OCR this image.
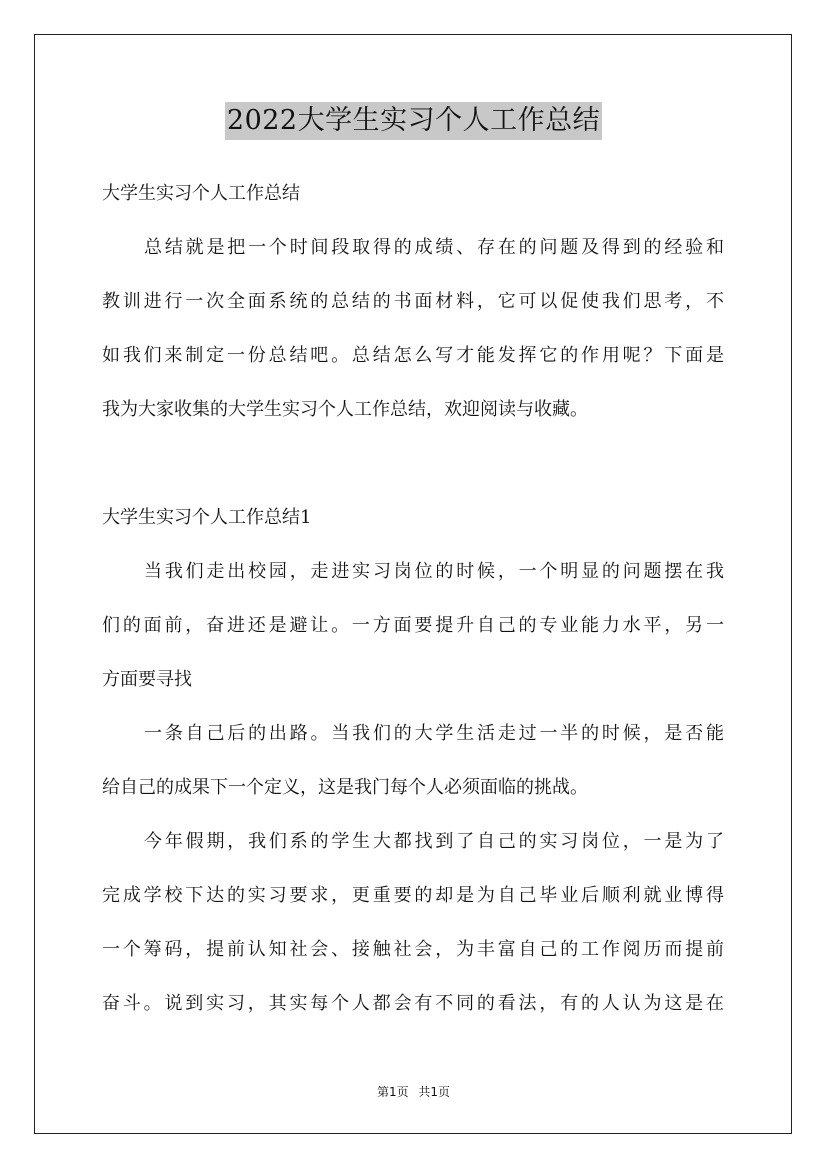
2022大学生实习个人工作总结
大学生实习个人工作总结
总结就是把一个时间段取得的成绩、存在的问题及得到的经验和
教训进行一次全面系统的总结的书面材料，它可以促使我们思考，不
如我们来制定一份总结吧。总结怎么写才能发挥它的作用呢？下面是
我为大家收集的大学生实习个人工作总结，欢迎阅读与收藏。
大学生实习个人工作总结1
当我们走出校园，走进实习岗位的时候，一个明显的问题摆在我
们的面前，奋进还是避让。一方面要提升自己的专业能力水平，另一
方面要寻找
一条自己后的出路。当我们的大学生活走过一半的时候，是否能
给自己的成果下一个定义，这是我门每个人必须面临的挑战。
今年假期，我们系的学生大都找到了自己的实习岗位，一是为了
完成学校下达的实习要求，更重要的却是为自己毕业后顺利就业博得
一个筹码，提前认知社会、接触社会，为丰富自己的工作阅历而提前
奋斗。说到实习，其实每个人都会有不同的看法，有的人认为这是在
第1页 共1页
